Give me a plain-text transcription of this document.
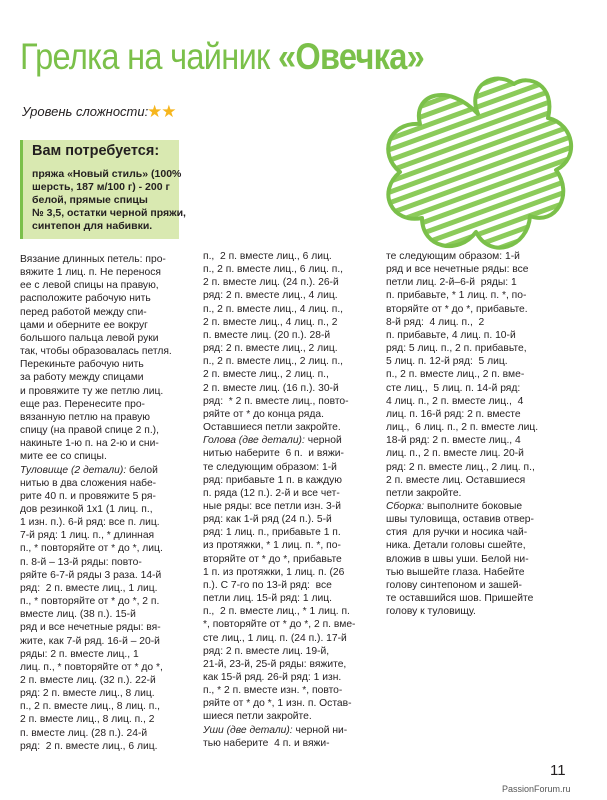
Грелка на чайник «Овечка»
Уровень сложности:
★★
Вам потребуется:
пряжа «Новый стиль» (100%
шерсть, 187 м/100 г) - 200 г
белой, прямые спицы
№ 3,5, остатки черной пряжи,
синтепон для набивки.
Вязание длинных петель: про-
вяжите 1 лиц. п. Не перенося
ее с левой спицы на правую,
расположите рабочую нить
перед работой между спи-
цами и оберните ее вокруг
большого пальца левой руки
так, чтобы образовалась петля.
Перекиньте рабочую нить
за работу между спицами
и провяжите ту же петлю лиц.
еще раз. Перенесите про-
вязанную петлю на правую
спицу (на правой спице 2 п.),
накиньте 1-ю п. на 2-ю и сни-
мите ее со спицы.
Туловище (2 детали): белой
нитью в два сложения набе-
рите 40 п. и провяжите 5 ря-
дов резинкой 1х1 (1 лиц. п.,
1 изн. п.). 6-й ряд: все п. лиц.
7-й ряд: 1 лиц. п., * длинная
п., * повторяйте от * до *, лиц.
п. 8-й – 13-й ряды: повто-
ряйте 6-7-й ряды 3 раза. 14-й
ряд:  2 п. вместе лиц., 1 лиц.
п., * повторяйте от * до *, 2 п.
вместе лиц. (38 п.). 15-й
ряд и все нечетные ряды: вя-
жите, как 7-й ряд. 16-й – 20-й
ряды: 2 п. вместе лиц., 1
лиц. п., * повторяйте от * до *,
2 п. вместе лиц. (32 п.). 22-й
ряд: 2 п. вместе лиц., 8 лиц.
п., 2 п. вместе лиц., 8 лиц. п.,
2 п. вместе лиц., 8 лиц. п., 2
п. вместе лиц. (28 п.). 24-й
ряд:  2 п. вместе лиц., 6 лиц.
п.,  2 п. вместе лиц., 6 лиц.
п., 2 п. вместе лиц., 6 лиц. п.,
2 п. вместе лиц. (24 п.). 26-й
ряд: 2 п. вместе лиц., 4 лиц.
п., 2 п. вместе лиц., 4 лиц. п.,
2 п. вместе лиц., 4 лиц. п., 2
п. вместе лиц. (20 п.). 28-й
ряд: 2 п. вместе лиц., 2 лиц.
п., 2 п. вместе лиц., 2 лиц. п.,
2 п. вместе лиц., 2 лиц. п.,
2 п. вместе лиц. (16 п.). 30-й
ряд:  * 2 п. вместе лиц., повто-
ряйте от * до конца ряда.
Оставшиеся петли закройте.
Голова (две детали): черной
нитью наберите  6 п.  и вяжи-
те следующим образом: 1-й
ряд: прибавьте 1 п. в каждую
п. ряда (12 п.). 2-й и все чет-
ные ряды: все петли изн. 3-й
ряд: как 1-й ряд (24 п.). 5-й
ряд: 1 лиц. п., прибавьте 1 п.
из протяжки, * 1 лиц. п. *, по-
вторяйте от * до *, прибавьте
1 п. из протяжки, 1 лиц. п. (26
п.). С 7-го по 13-й ряд:  все
петли лиц. 15-й ряд: 1 лиц.
п.,  2 п. вместе лиц., * 1 лиц. п.
*, повторяйте от * до *, 2 п. вме-
сте лиц., 1 лиц. п. (24 п.). 17-й
ряд: 2 п. вместе лиц. 19-й,
21-й, 23-й, 25-й ряды: вяжите,
как 15-й ряд. 26-й ряд: 1 изн.
п., * 2 п. вместе изн. *, повто-
ряйте от * до *, 1 изн. п. Остав-
шиеся петли закройте.
Уши (две детали): черной ни-
тью наберите  4 п. и вяжи-
те следующим образом: 1-й
ряд и все нечетные ряды: все
петли лиц. 2-й–6-й  ряды: 1
п. прибавьте, * 1 лиц. п. *, по-
вторяйте от * до *, прибавьте.
8-й ряд:  4 лиц. п.,  2
п. прибавьте, 4 лиц. п. 10-й
ряд: 5 лиц. п., 2 п. прибавьте,
5 лиц. п. 12-й ряд:  5 лиц.
п., 2 п. вместе лиц., 2 п. вме-
сте лиц.,  5 лиц. п. 14-й ряд:
4 лиц. п., 2 п. вместе лиц.,  4
лиц. п. 16-й ряд: 2 п. вместе
лиц.,  6 лиц. п., 2 п. вместе лиц.
18-й ряд: 2 п. вместе лиц., 4
лиц. п., 2 п. вместе лиц. 20-й
ряд: 2 п. вместе лиц., 2 лиц. п.,
2 п. вместе лиц. Оставшиеся
петли закройте.
Сборка: выполните боковые
швы туловища, оставив отвер-
стия  для ручки и носика чай-
ника. Детали головы сшейте,
вложив в швы уши. Белой ни-
тью вышейте глаза. Набейте
голову синтепоном и зашей-
те оставшийся шов. Пришейте
голову к туловищу.
11
PassionForum.ru
